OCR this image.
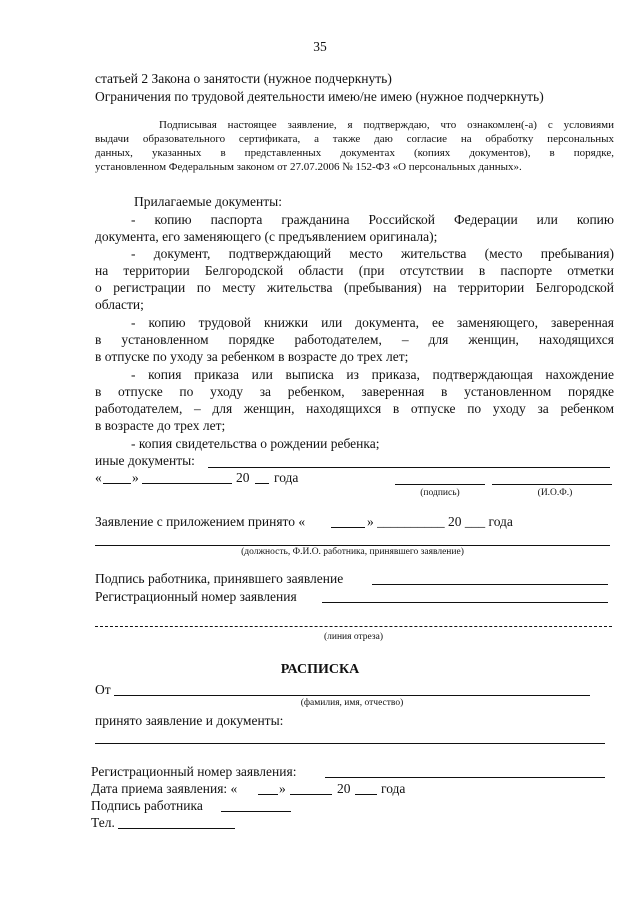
35
статьей 2 Закона о занятости (нужное подчеркнуть)
Ограничения по трудовой деятельности имею/не имею (нужное подчеркнуть)
Подписывая настоящее заявление, я подтверждаю, что ознакомлен(-а) с условиями
выдачи образовательного сертификата, а также даю согласие на обработку персональных
данных, указанных в представленных документах (копиях документов), в порядке,
установленном Федеральным законом от 27.07.2006 № 152-ФЗ «О персональных данных».
Прилагаемые документы:
- копию паспорта гражданина Российской Федерации или копию
документа, его заменяющего (с предъявлением оригинала);
- документ, подтверждающий место жительства (место пребывания)
на территории Белгородской области (при отсутствии в паспорте отметки
о регистрации по месту жительства (пребывания) на территории Белгородской
области;
- копию трудовой книжки или документа, ее заменяющего, заверенная
в установленном порядке работодателем, – для женщин, находящихся
в отпуске по уходу за ребенком в возрасте до трех лет;
- копия приказа или выписка из приказа, подтверждающая нахождение
в отпуске по уходу за ребенком, заверенная в установленном порядке
работодателем, – для женщин, находящихся в отпуске по уходу за ребенком
в возрасте до трех лет;
- копия свидетельства о рождении ребенка;
иные документы:
« »	20 года
(подпись)	(И.О.Ф.)
Заявление с приложением принято «	» __________ 20 ___ года
(должность, Ф.И.О. работника, принявшего заявление)
Подпись работника, принявшего заявление
Регистрационный номер заявления
(линия отреза)
РАСПИСКА
От
(фамилия, имя, отчество)
принято заявление и документы:
Регистрационный номер заявления:
Дата приема заявления: «	»	20 года
Подпись работника
Тел.
